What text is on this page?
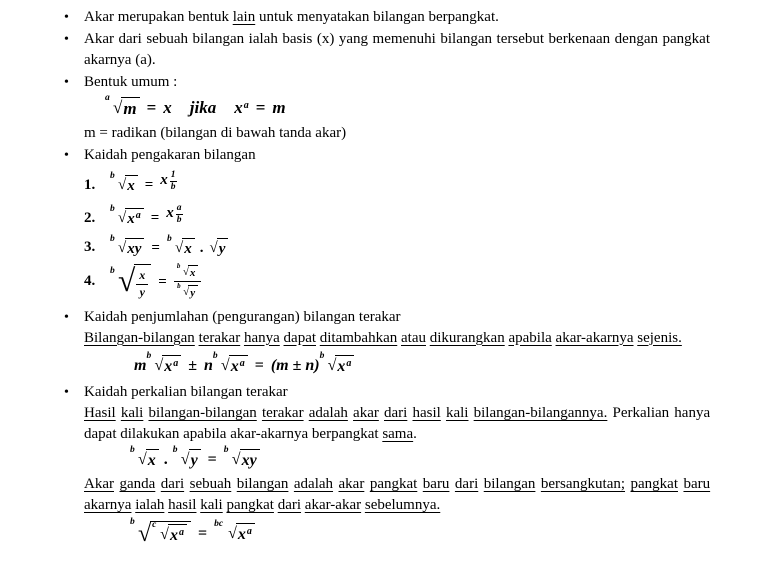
•	Akar merupakan bentuk lain untuk menyatakan bilangan berpangkat.
•	Akar dari sebuah bilangan ialah basis (x) yang memenuhi bilangan tersebut berkenaan dengan pangkat akarnya (a).
•	Bentuk umum :
a √ m = x jika $x^a = m$
m = radikan (bilangan di bawah tanda akar)
•	Kaidah pengakaran bilangan
1.
b
√ x = x $\frac{1}{b}$
2.
b
√ $x^a = x \frac{a}{b}$
3.
b
√ xy =
b
√ x . √ y
4.
b √ $\frac{x}{y} = \frac{b √ x}{b √ y}$
•	Kaidah penjumlahan (pengurangan) bilangan terakar
Bilangan-bilangan terakar hanya dapat ditambahkan atau dikurangkan apabila akar-akarnya sejenis.
m
b
√ $x^a \pm n$
b
√ $x^a = (m \pm n)$
b
√ $x^a$
•	Kaidah perkalian bilangan terakar
Hasil kali bilangan-bilangan terakar adalah akar dari hasil kali bilangan-bilangannya. Perkalian hanya dapat dilakukan apabila akar-akarnya berpangkat sama.
b
√ x .
b
√ y =
b
√ xy
Akar ganda dari sebuah bilangan adalah akar pangkat baru dari bilangan bersangkutan; pangkat baru akarnya ialah hasil kali pangkat dari akar-akar sebelumnya.
b √ c
√ $x^a$ =
bc
√ $x^a$
